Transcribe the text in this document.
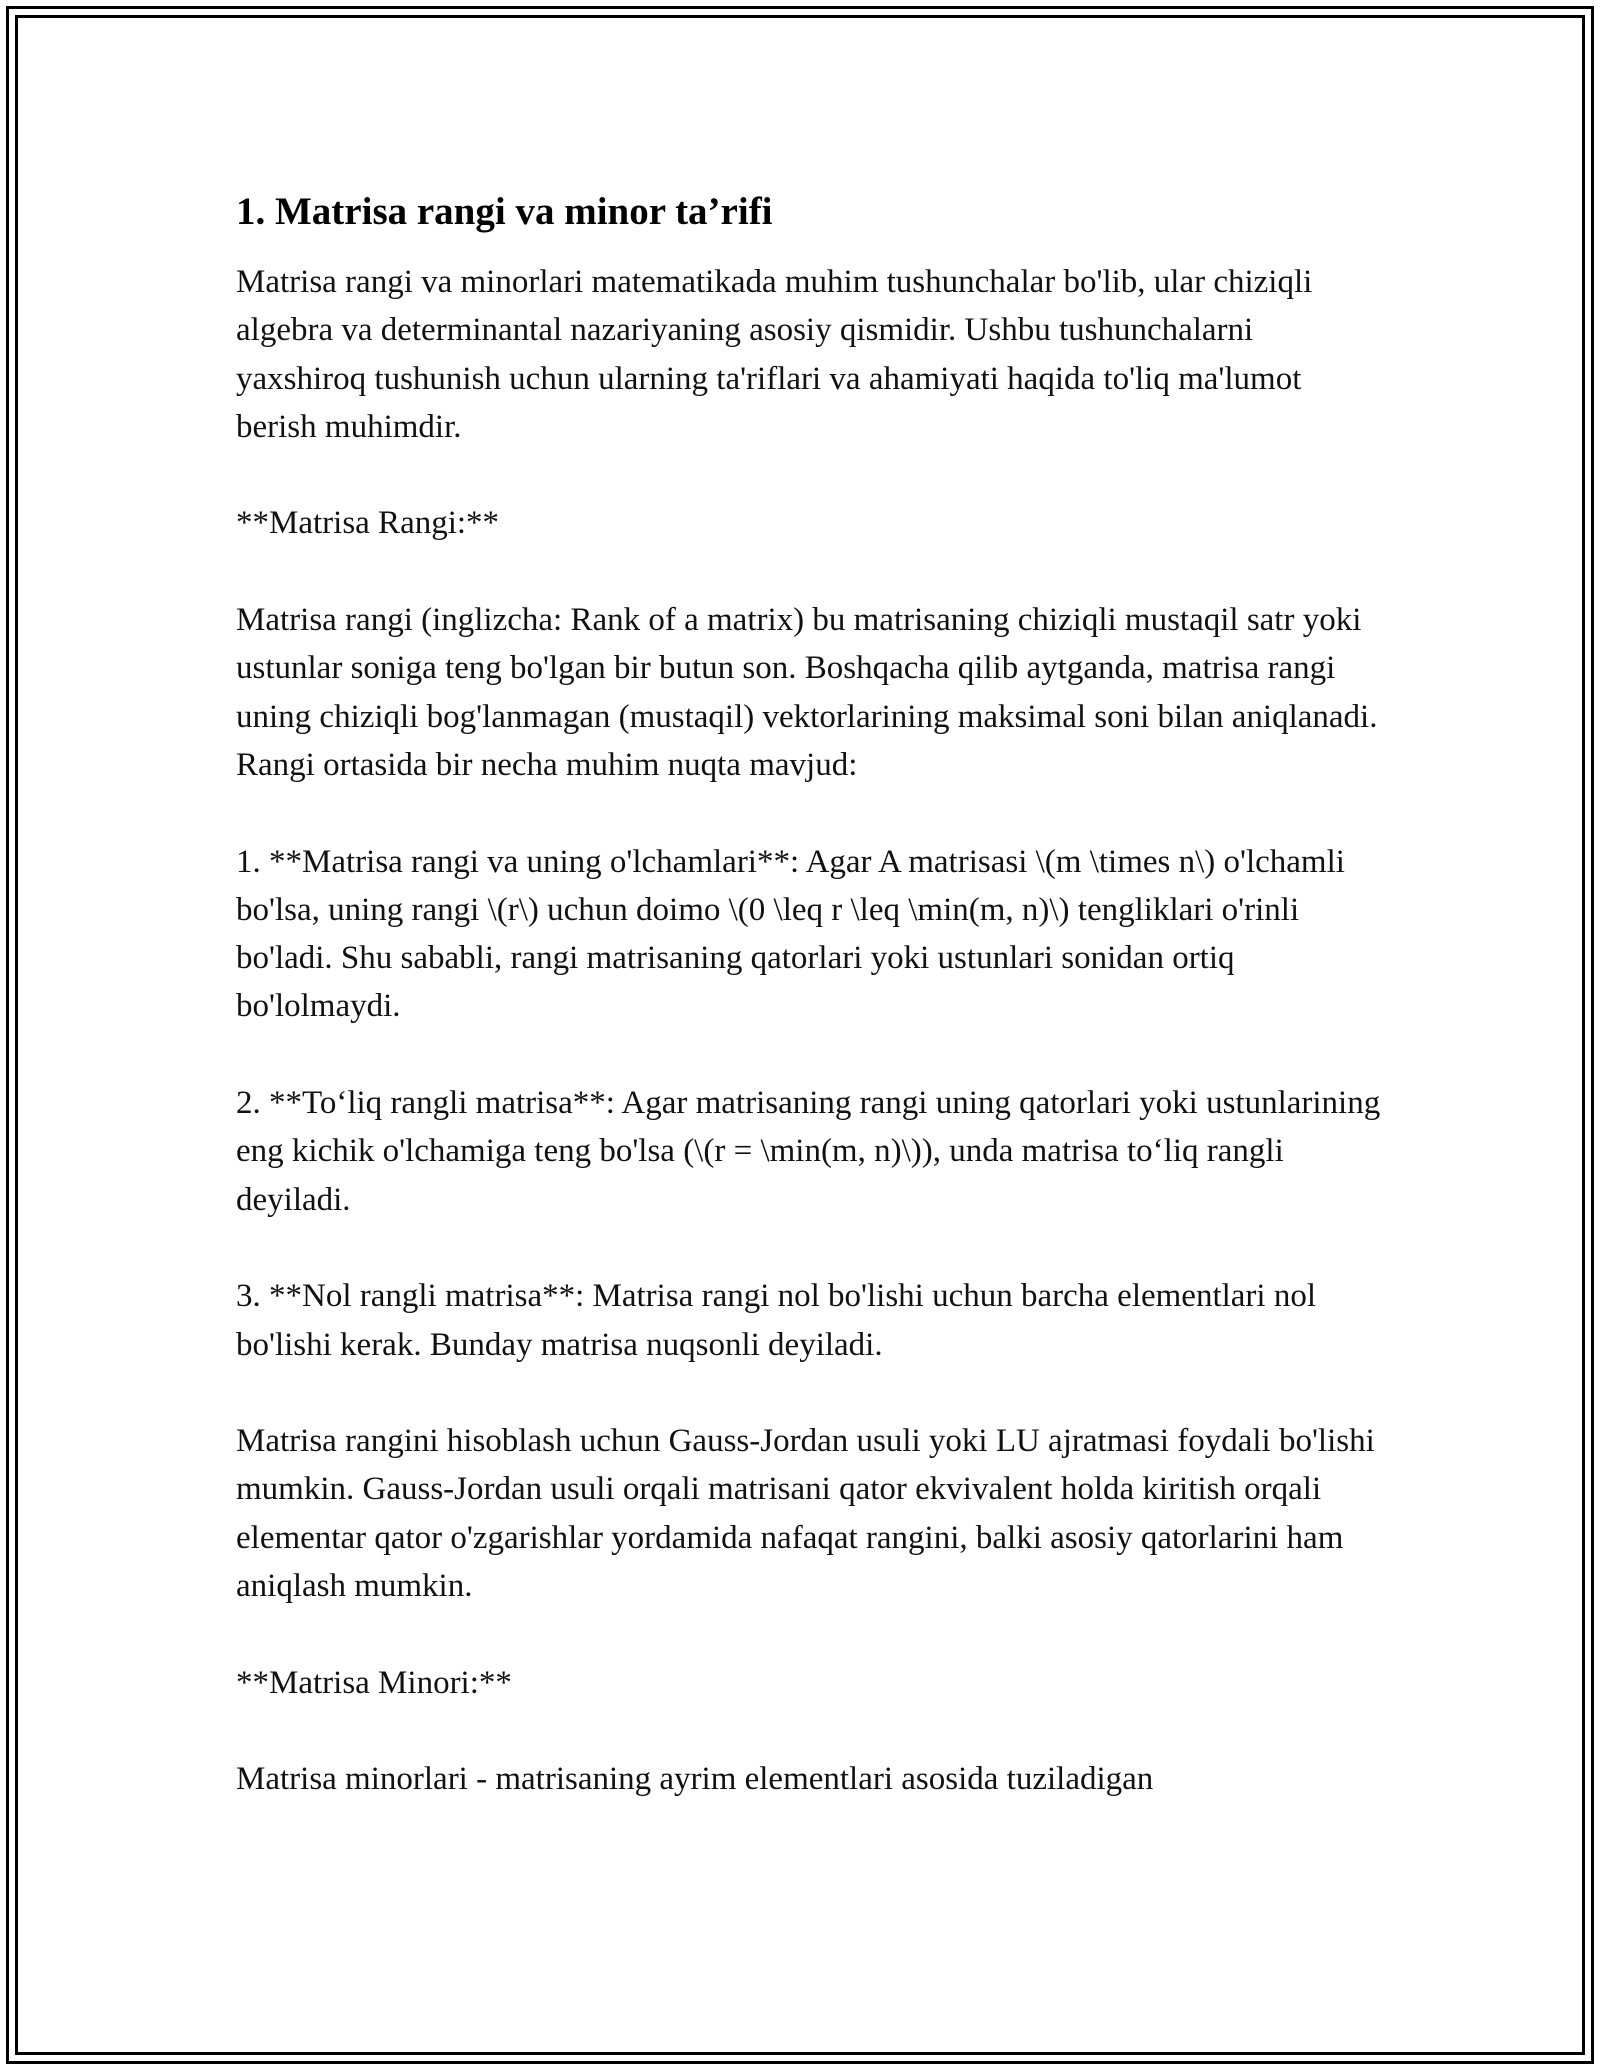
1. Matrisa rangi va minor ta’rifi

Matrisa rangi va minorlari matematikada muhim tushunchalar bo'lib, ular chiziqli algebra va determinantal nazariyaning asosiy qismidir. Ushbu tushunchalarni yaxshiroq tushunish uchun ularning ta'riflari va ahamiyati haqida to'liq ma'lumot berish muhimdir.

**Matrisa Rangi:**

Matrisa rangi (inglizcha: Rank of a matrix) bu matrisaning chiziqli mustaqil satr yoki ustunlar soniga teng bo'lgan bir butun son. Boshqacha qilib aytganda, matrisa rangi uning chiziqli bog'lanmagan (mustaqil) vektorlarining maksimal soni bilan aniqlanadi. Rangi ortasida bir necha muhim nuqta mavjud:

1. **Matrisa rangi va uning o'lchamlari**: Agar A matrisasi \(m \times n\) o'lchamli bo'lsa, uning rangi \(r\) uchun doimo \(0 \leq r \leq \min(m, n)\) tengliklari o'rinli bo'ladi. Shu sababli, rangi matrisaning qatorlari yoki ustunlari sonidan ortiq bo'lolmaydi.

2. **To‘liq rangli matrisa**: Agar matrisaning rangi uning qatorlari yoki ustunlarining eng kichik o'lchamiga teng bo'lsa (\(r = \min(m, n)\)), unda matrisa to‘liq rangli deyiladi.

3. **Nol rangli matrisa**: Matrisa rangi nol bo'lishi uchun barcha elementlari nol bo'lishi kerak. Bunday matrisa nuqsonli deyiladi.

Matrisa rangini hisoblash uchun Gauss-Jordan usuli yoki LU ajratmasi foydali bo'lishi mumkin. Gauss-Jordan usuli orqali matrisani qator ekvivalent holda kiritish orqali elementar qator o'zgarishlar yordamida nafaqat rangini, balki asosiy qatorlarini ham aniqlash mumkin.

**Matrisa Minori:**

Matrisa minorlari - matrisaning ayrim elementlari asosida tuziladigan
